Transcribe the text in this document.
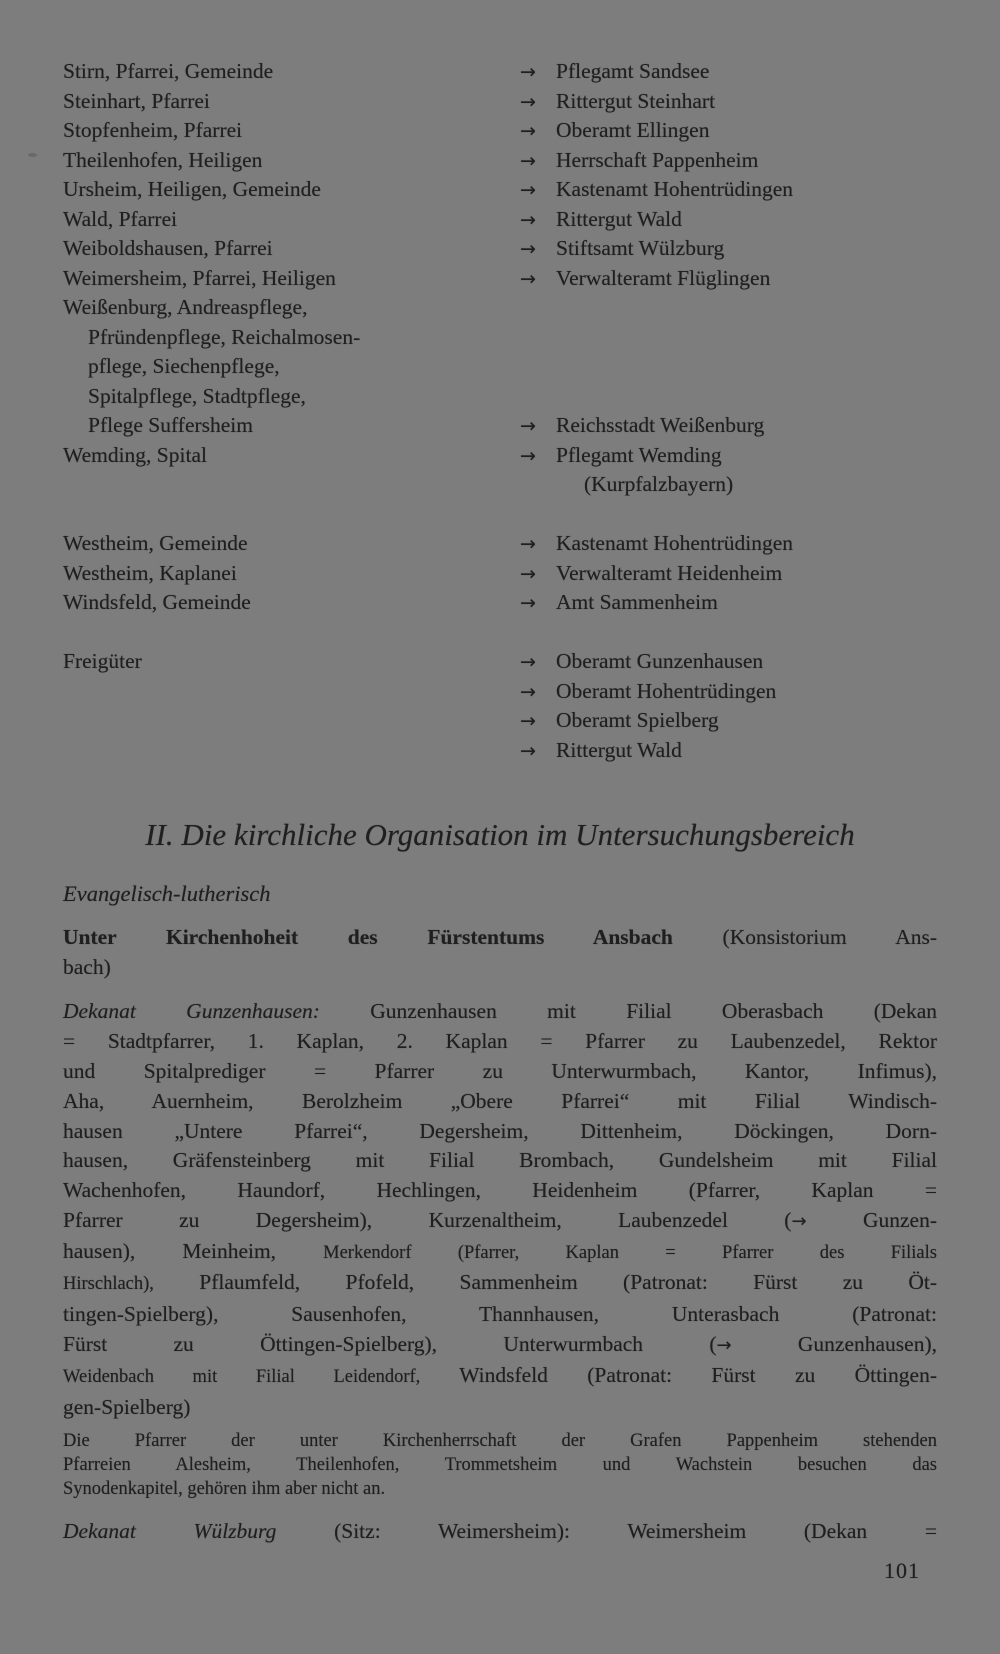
Stirn, Pfarrei, Gemeinde	→ Pflegamt Sandsee
Steinhart, Pfarrei	→ Rittergut Steinhart
Stopfenheim, Pfarrei	→ Oberamt Ellingen
Theilenhofen, Heiligen	→ Herrschaft Pappenheim
Ursheim, Heiligen, Gemeinde	→ Kastenamt Hohentrüdingen
Wald, Pfarrei	→ Rittergut Wald
Weiboldshausen, Pfarrei	→ Stiftsamt Wülzburg
Weimersheim, Pfarrei, Heiligen	→ Verwalteramt Flüglingen
Weißenburg, Andreaspflege,
Pfründenpflege, Reichalmosen-
pflege, Siechenpflege,
Spitalpflege, Stadtpflege,
Pflege Suffersheim	→ Reichsstadt Weißenburg
Wemding, Spital	→ Pflegamt Wemding
(Kurpfalzbayern)
Westheim, Gemeinde	→ Kastenamt Hohentrüdingen
Westheim, Kaplanei	→ Verwalteramt Heidenheim
Windsfeld, Gemeinde	→ Amt Sammenheim
Freigüter	→ Oberamt Gunzenhausen
→ Oberamt Hohentrüdingen
→ Oberamt Spielberg
→ Rittergut Wald
II. Die kirchliche Organisation im Untersuchungsbereich
Evangelisch-lutherisch
Unter Kirchenhoheit des Fürstentums Ansbach (Konsistorium Ans-
bach)
Dekanat Gunzenhausen: Gunzenhausen mit Filial Oberasbach (Dekan
= Stadtpfarrer, 1. Kaplan, 2. Kaplan = Pfarrer zu Laubenzedel, Rektor
und Spitalprediger = Pfarrer zu Unterwurmbach, Kantor, Infimus),
Aha, Auernheim, Berolzheim „Obere Pfarrei“ mit Filial Windisch-
hausen „Untere Pfarrei“, Degersheim, Dittenheim, Döckingen, Dorn-
hausen, Gräfensteinberg mit Filial Brombach, Gundelsheim mit Filial
Wachenhofen, Haundorf, Hechlingen, Heidenheim (Pfarrer, Kaplan =
Pfarrer zu Degersheim), Kurzenaltheim, Laubenzedel (→ Gunzen-
hausen), Meinheim, Merkendorf (Pfarrer, Kaplan = Pfarrer des Filials
Hirschlach), Pflaumfeld, Pfofeld, Sammenheim (Patronat: Fürst zu Öt-
tingen-Spielberg), Sausenhofen, Thannhausen, Unterasbach (Patronat:
Fürst zu Öttingen-Spielberg), Unterwurmbach (→ Gunzenhausen),
Weidenbach mit Filial Leidendorf, Windsfeld (Patronat: Fürst zu Öttingen-
gen-Spielberg)
Die Pfarrer der unter Kirchenherrschaft der Grafen Pappenheim stehenden
Pfarreien Alesheim, Theilenhofen, Trommetsheim und Wachstein besuchen das
Synodenkapitel, gehören ihm aber nicht an.
Dekanat Wülzburg (Sitz: Weimersheim): Weimersheim (Dekan =
101
